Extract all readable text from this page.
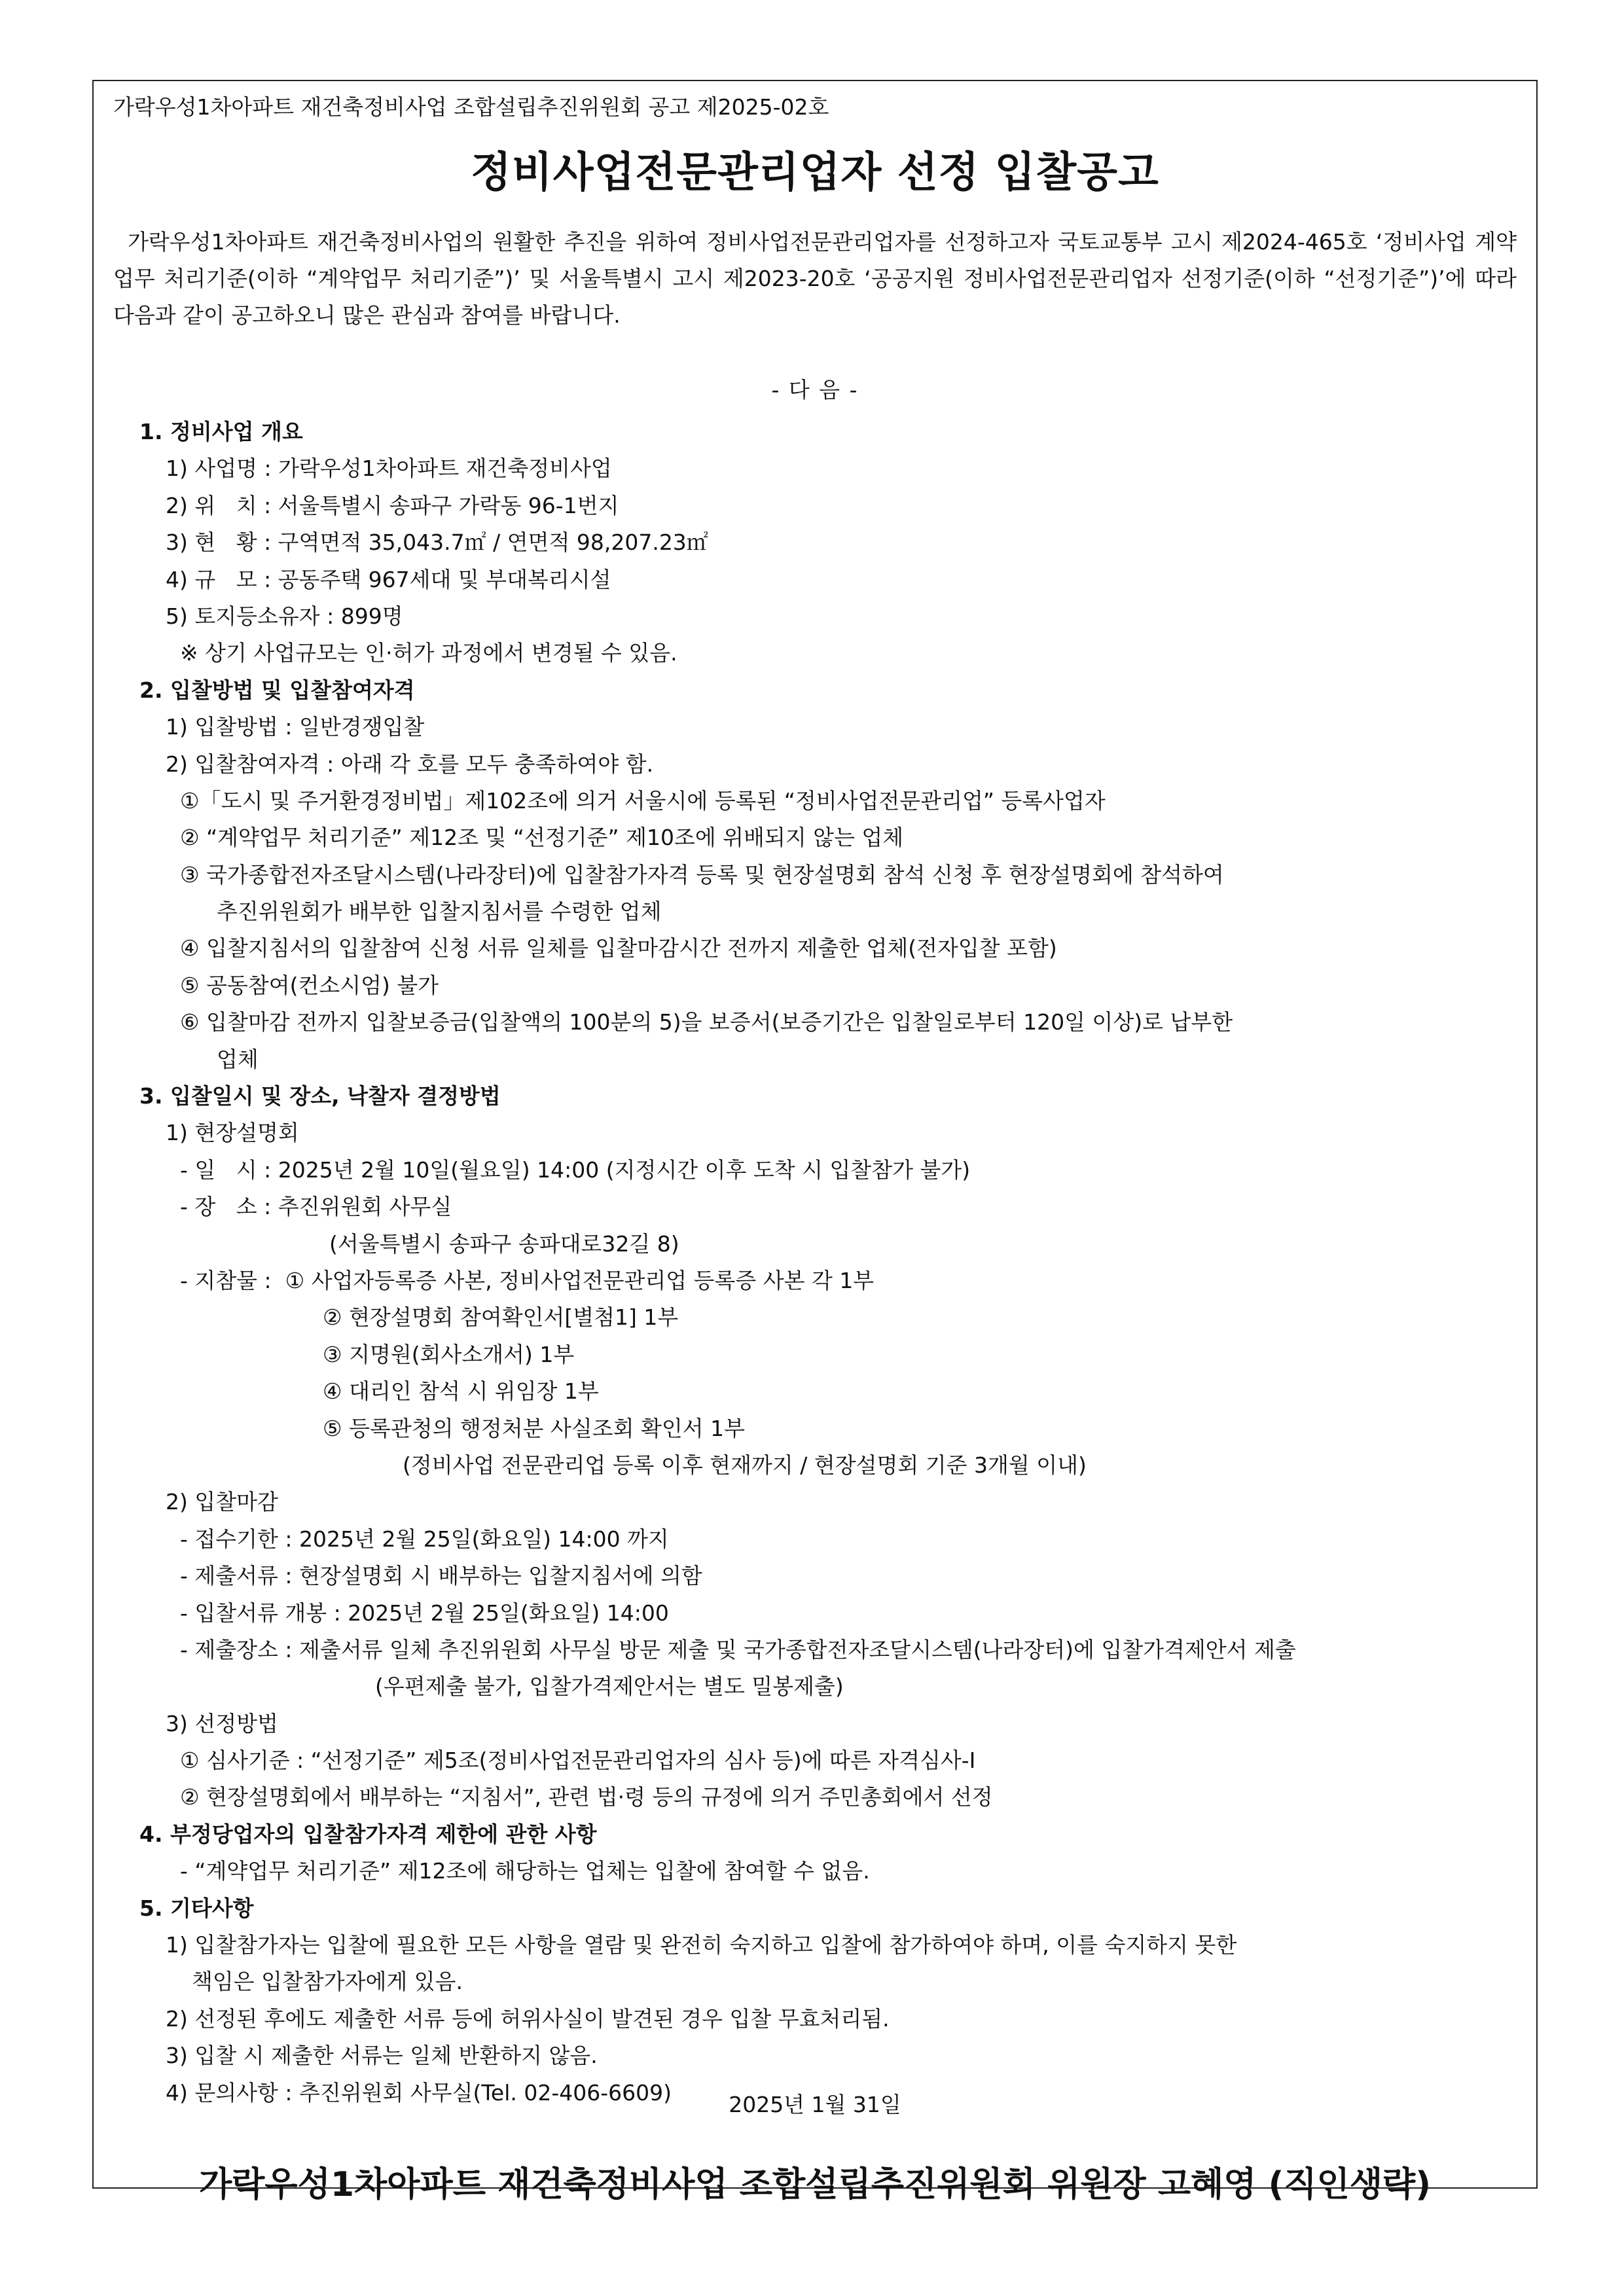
가락우성1차아파트 재건축정비사업 조합설립추진위원회 공고 제2025-02호
정비사업전문관리업자 선정 입찰공고

가락우성1차아파트 재건축정비사업의 원활한 추진을 위하여 정비사업전문관리업자를 선정하고자 국토교통부 고시 제2024-465호 ‘정비사업 계약업무 처리기준(이하 “계약업무 처리기준”)’ 및 서울특별시 고시 제2023-20호 ‘공공지원 정비사업전문관리업자 선정기준(이하 “선정기준”)’에 따라 다음과 같이 공고하오니 많은 관심과 참여를 바랍니다.

- 다 음 -
1. 정비사업 개요
1) 사업명 : 가락우성1차아파트 재건축정비사업
2) 위   치 : 서울특별시 송파구 가락동 96-1번지
3) 현   황 : 구역면적 35,043.7㎡ / 연면적 98,207.23㎡
4) 규   모 : 공동주택 967세대 및 부대복리시설
5) 토지등소유자 : 899명
※ 상기 사업규모는 인·허가 과정에서 변경될 수 있음.
2. 입찰방법 및 입찰참여자격
1) 입찰방법 : 일반경쟁입찰
2) 입찰참여자격 : 아래 각 호를 모두 충족하여야 함.
①「도시 및 주거환경정비법」제102조에 의거 서울시에 등록된 “정비사업전문관리업” 등록사업자
② “계약업무 처리기준” 제12조 및 “선정기준” 제10조에 위배되지 않는 업체
③ 국가종합전자조달시스템(나라장터)에 입찰참가자격 등록 및 현장설명회 참석 신청 후 현장설명회에 참석하여
추진위원회가 배부한 입찰지침서를 수령한 업체
④ 입찰지침서의 입찰참여 신청 서류 일체를 입찰마감시간 전까지 제출한 업체(전자입찰 포함)
⑤ 공동참여(컨소시엄) 불가
⑥ 입찰마감 전까지 입찰보증금(입찰액의 100분의 5)을 보증서(보증기간은 입찰일로부터 120일 이상)로 납부한
업체
3. 입찰일시 및 장소, 낙찰자 결정방법
1) 현장설명회
- 일   시 : 2025년 2월 10일(월요일) 14:00 (지정시간 이후 도착 시 입찰참가 불가)
- 장   소 : 추진위원회 사무실
(서울특별시 송파구 송파대로32길 8)
- 지참물 :  ① 사업자등록증 사본, 정비사업전문관리업 등록증 사본 각 1부
② 현장설명회 참여확인서[별첨1] 1부
③ 지명원(회사소개서) 1부
④ 대리인 참석 시 위임장 1부
⑤ 등록관청의 행정처분 사실조회 확인서 1부
(정비사업 전문관리업 등록 이후 현재까지 / 현장설명회 기준 3개월 이내)
2) 입찰마감
- 접수기한 : 2025년 2월 25일(화요일) 14:00 까지
- 제출서류 : 현장설명회 시 배부하는 입찰지침서에 의함
- 입찰서류 개봉 : 2025년 2월 25일(화요일) 14:00
- 제출장소 : 제출서류 일체 추진위원회 사무실 방문 제출 및 국가종합전자조달시스템(나라장터)에 입찰가격제안서 제출
(우편제출 불가, 입찰가격제안서는 별도 밀봉제출)
3) 선정방법
① 심사기준 : “선정기준” 제5조(정비사업전문관리업자의 심사 등)에 따른 자격심사-Ⅰ
② 현장설명회에서 배부하는 “지침서”, 관련 법·령 등의 규정에 의거 주민총회에서 선정
4. 부정당업자의 입찰참가자격 제한에 관한 사항
- “계약업무 처리기준” 제12조에 해당하는 업체는 입찰에 참여할 수 없음.
5. 기타사항
1) 입찰참가자는 입찰에 필요한 모든 사항을 열람 및 완전히 숙지하고 입찰에 참가하여야 하며, 이를 숙지하지 못한
책임은 입찰참가자에게 있음.
2) 선정된 후에도 제출한 서류 등에 허위사실이 발견된 경우 입찰 무효처리됨.
3) 입찰 시 제출한 서류는 일체 반환하지 않음.
4) 문의사항 : 추진위원회 사무실(Tel. 02-406-6609)	2025년 1월 31일
가락우성1차아파트 재건축정비사업 조합설립추진위원회 위원장 고혜영 (직인생략)
